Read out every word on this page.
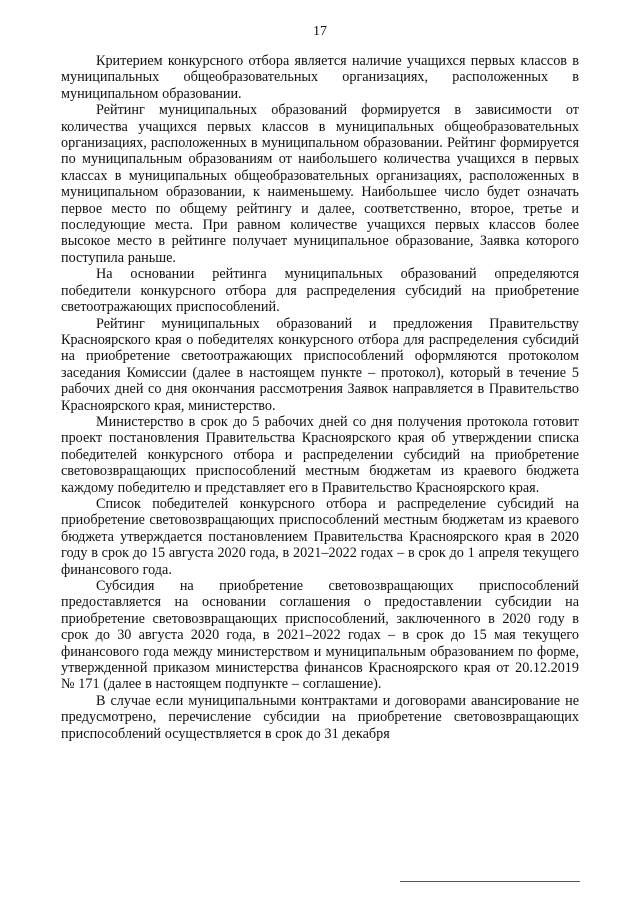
17

Критерием конкурсного отбора является наличие учащихся первых классов в муниципальных общеобразовательных организациях, расположенных в муниципальном образовании.

Рейтинг муниципальных образований формируется в зависимости от количества учащихся первых классов в муниципальных общеобразовательных организациях, расположенных в муниципальном образовании. Рейтинг формируется по муниципальным образованиям от наибольшего количества учащихся в первых классах в муниципальных общеобразовательных организациях, расположенных в муниципальном образовании, к наименьшему. Наибольшее число будет означать первое место по общему рейтингу и далее, соответственно, второе, третье и последующие места. При равном количестве учащихся первых классов более высокое место в рейтинге получает муниципальное образование, Заявка которого поступила раньше.

На основании рейтинга муниципальных образований определяются победители конкурсного отбора для распределения субсидий на приобретение светоотражающих приспособлений.

Рейтинг муниципальных образований и предложения Правительству Красноярского края о победителях конкурсного отбора для распределения субсидий на приобретение светоотражающих приспособлений оформляются протоколом заседания Комиссии (далее в настоящем пункте – протокол), который в течение 5 рабочих дней со дня окончания рассмотрения Заявок направляется в Правительство Красноярского края, министерство.

Министерство в срок до 5 рабочих дней со дня получения протокола готовит проект постановления Правительства Красноярского края об утверждении списка победителей конкурсного отбора и распределении субсидий на приобретение световозвращающих приспособлений местным бюджетам из краевого бюджета каждому победителю и представляет его в Правительство Красноярского края.

Список победителей конкурсного отбора и распределение субсидий на приобретение световозвращающих приспособлений местным бюджетам из краевого бюджета утверждается постановлением Правительства Красноярского края в 2020 году в срок до 15 августа 2020 года, в 2021–2022 годах – в срок до 1 апреля текущего финансового года.

Субсидия на приобретение световозвращающих приспособлений предоставляется на основании соглашения о предоставлении субсидии на приобретение световозвращающих приспособлений, заключенного в 2020 году в срок до 30 августа 2020 года, в 2021–2022 годах – в срок до 15 мая текущего финансового года между министерством и муниципальным образованием по форме, утвержденной приказом министерства финансов Красноярского края от 20.12.2019 № 171 (далее в настоящем подпункте – соглашение).

В случае если муниципальными контрактами и договорами авансирование не предусмотрено, перечисление субсидии на приобретение световозвращающих приспособлений осуществляется в срок до 31 декабря
